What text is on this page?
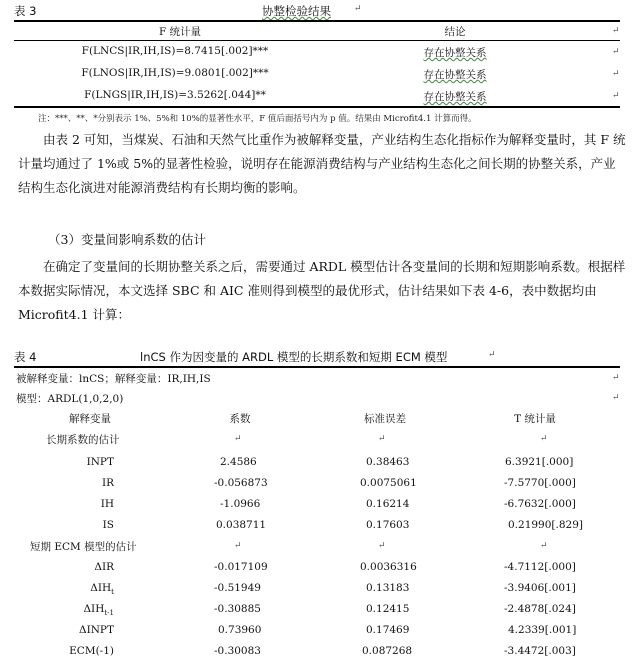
表 3	协整检验结果	↵
F 统计量	结论	↵
F(LNCS|IR,IH,IS)=8.7415[.002]***	存在协整关系	↵
F(LNOS|IR,IH,IS)=9.0801[.002]***	存在协整关系	↵
F(LNGS|IR,IH,IS)=3.5262[.044]**	存在协整关系	↵
注：***、**、*分别表示 1%、5%和 10%的显著性水平，F 值后面括号内为 p 值。结果由 Microfit4.1 计算而得。
由表 2 可知，当煤炭、石油和天然气比重作为被解释变量，产业结构生态化指标作为解释变量时，其 F 统计量均通过了 1%或 5%的显著性检验，说明存在能源消费结构与产业结构生态化之间长期的协整关系，产业结构生态化演进对能源消费结构有长期均衡的影响。
（3）变量间影响系数的估计
在确定了变量间的长期协整关系之后，需要通过 ARDL 模型估计各变量间的长期和短期影响系数。根据样本数据实际情况，本文选择 SBC 和 AIC 准则得到模型的最优形式，估计结果如下表 4-6，表中数据均由 Microfit4.1 计算：
表 4	lnCS 作为因变量的 ARDL 模型的长期系数和短期 ECM 模型	↵
被解释变量：lnCS；解释变量：IR,IH,IS	↵
模型：ARDL(1,0,2,0)	↵
解释变量	系数	标准误差	T 统计量
长期系数的估计	↵	↵	↵
INPT	2.4586	0.38463	6.3921[.000]
IR	-0.056873	0.0075061	-7.5770[.000]
IH	-1.0966	0.16214	-6.7632[.000]
IS	0.038711	0.17603	0.21990[.829]
短期 ECM 模型的估计	↵	↵	↵
ΔIR	-0.017109	0.0036316	-4.7112[.000]
$\Delta IH_t$	-0.51949	0.13183	-3.9406[.001]
$\Delta IH_{t-1}$	-0.30885	0.12415	-2.4878[.024]
ΔINPT	0.73960	0.17469	4.2339[.001]
ECM(-1)	-0.30083	0.087268	-3.4472[.003]
